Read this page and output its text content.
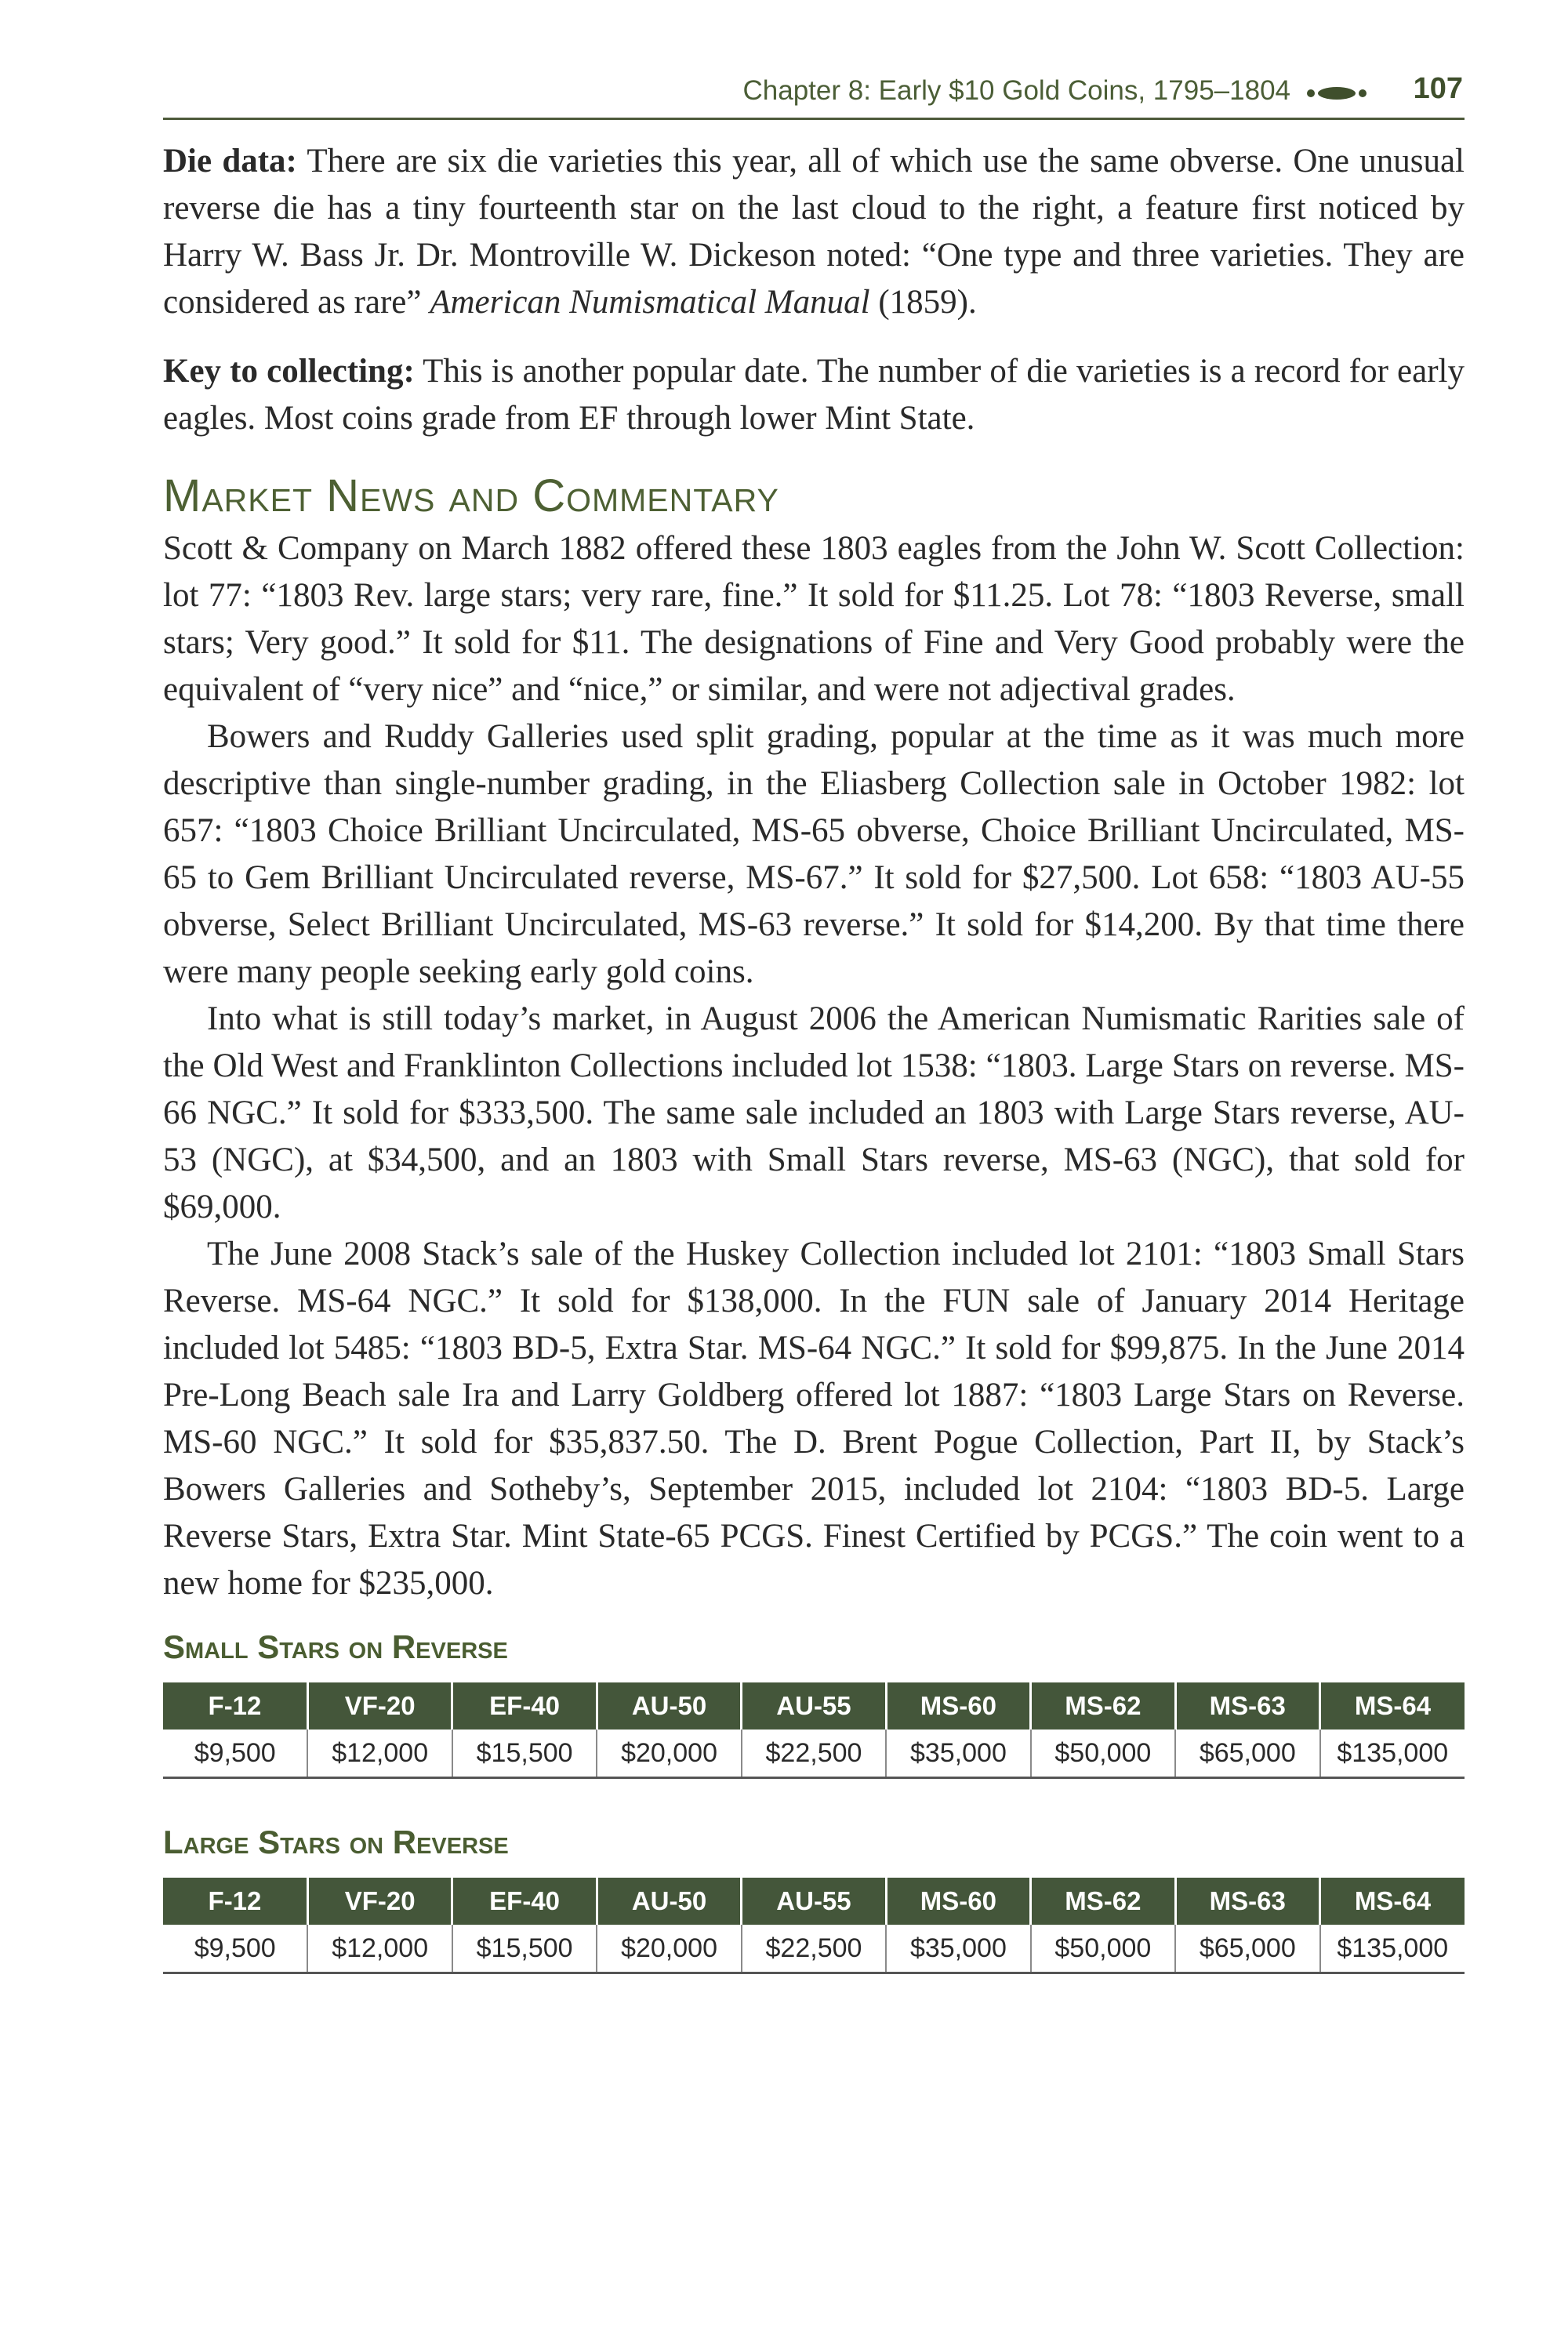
Chapter 8: Early $10 Gold Coins, 1795–1804	107

Die data: There are six die varieties this year, all of which use the same obverse. One unusual reverse die has a tiny fourteenth star on the last cloud to the right, a feature first noticed by Harry W. Bass Jr. Dr. Montroville W. Dickeson noted: “One type and three varieties. They are considered as rare” American Numismatical Manual (1859).

Key to collecting: This is another popular date. The number of die varieties is a record for early eagles. Most coins grade from EF through lower Mint State.

Market News and Commentary

Scott & Company on March 1882 offered these 1803 eagles from the John W. Scott Collection: lot 77: “1803 Rev. large stars; very rare, fine.” It sold for $11.25. Lot 78: “1803 Reverse, small stars; Very good.” It sold for $11. The designations of Fine and Very Good probably were the equivalent of “very nice” and “nice,” or similar, and were not adjectival grades.

Bowers and Ruddy Galleries used split grading, popular at the time as it was much more descriptive than single-number grading, in the Eliasberg Collection sale in October 1982: lot 657: “1803 Choice Brilliant Uncirculated, MS-65 obverse, Choice Brilliant Uncirculated, MS-65 to Gem Brilliant Uncirculated reverse, MS-67.” It sold for $27,500. Lot 658: “1803 AU-55 obverse, Select Brilliant Uncirculated, MS-63 reverse.” It sold for $14,200. By that time there were many people seeking early gold coins.

Into what is still today’s market, in August 2006 the American Numismatic Rarities sale of the Old West and Franklinton Collections included lot 1538: “1803. Large Stars on reverse. MS-66 NGC.” It sold for $333,500. The same sale included an 1803 with Large Stars reverse, AU-53 (NGC), at $34,500, and an 1803 with Small Stars reverse, MS-63 (NGC), that sold for $69,000.

The June 2008 Stack’s sale of the Huskey Collection included lot 2101: “1803 Small Stars Reverse. MS-64 NGC.” It sold for $138,000. In the FUN sale of January 2014 Heritage included lot 5485: “1803 BD-5, Extra Star. MS-64 NGC.” It sold for $99,875. In the June 2014 Pre-Long Beach sale Ira and Larry Goldberg offered lot 1887: “1803 Large Stars on Reverse. MS-60 NGC.” It sold for $35,837.50. The D. Brent Pogue Collection, Part II, by Stack’s Bowers Galleries and Sotheby’s, September 2015, included lot 2104: “1803 BD-5. Large Reverse Stars, Extra Star. Mint State-65 PCGS. Finest Certified by PCGS.” The coin went to a new home for $235,000.

Small Stars on Reverse
F-12	VF-20	EF-40	AU-50	AU-55	MS-60	MS-62	MS-63	MS-64
$9,500	$12,000	$15,500	$20,000	$22,500	$35,000	$50,000	$65,000	$135,000
Large Stars on Reverse
F-12	VF-20	EF-40	AU-50	AU-55	MS-60	MS-62	MS-63	MS-64
$9,500	$12,000	$15,500	$20,000	$22,500	$35,000	$50,000	$65,000	$135,000
